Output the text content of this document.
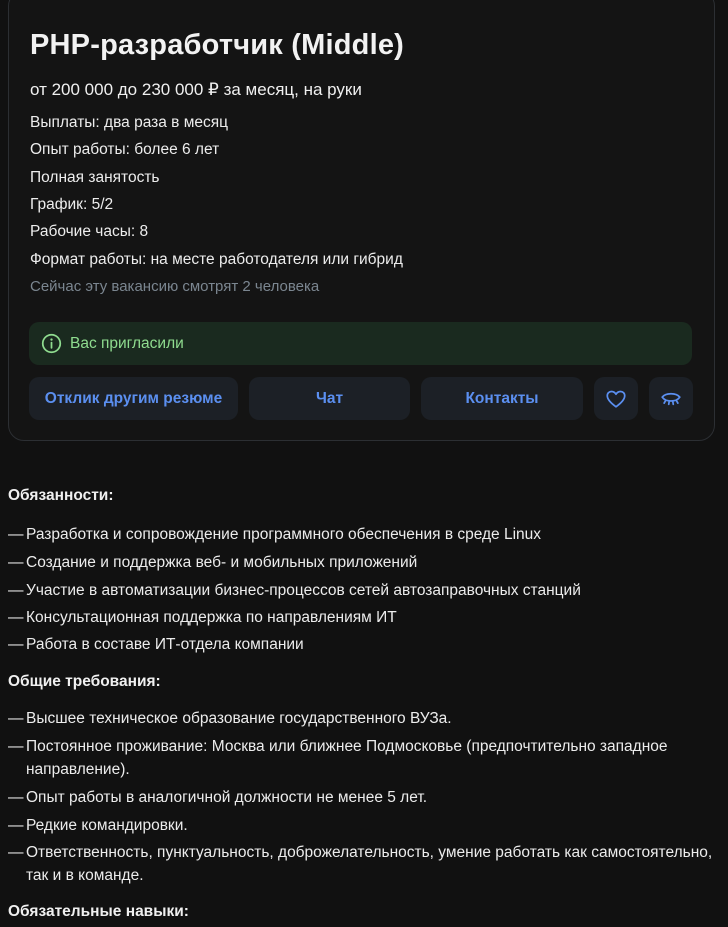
PHP-разработчик (Middle)
от 200 000 до 230 000 ₽ за месяц, на руки
Выплаты: два раза в месяц
Опыт работы: более 6 лет
Полная занятость
График: 5/2
Рабочие часы: 8
Формат работы: на месте работодателя или гибрид
Сейчас эту вакансию смотрят 2 человека
Вас пригласили
Отклик другим резюме	Чат	Контакты
Обязанности:
— Разработка и сопровождение программного обеспечения в среде Linux
— Создание и поддержка веб- и мобильных приложений
— Участие в автоматизации бизнес-процессов сетей автозаправочных станций
— Консультационная поддержка по направлениям ИТ
— Работа в составе ИТ-отдела компании
Общие требования:
— Высшее техническое образование государственного ВУЗа.
— Постоянное проживание: Москва или ближнее Подмосковье (предпочтительно западное направление).
— Опыт работы в аналогичной должности не менее 5 лет.
— Редкие командировки.
— Ответственность, пунктуальность, доброжелательность, умение работать как самостоятельно, так и в команде.
Обязательные навыки:
